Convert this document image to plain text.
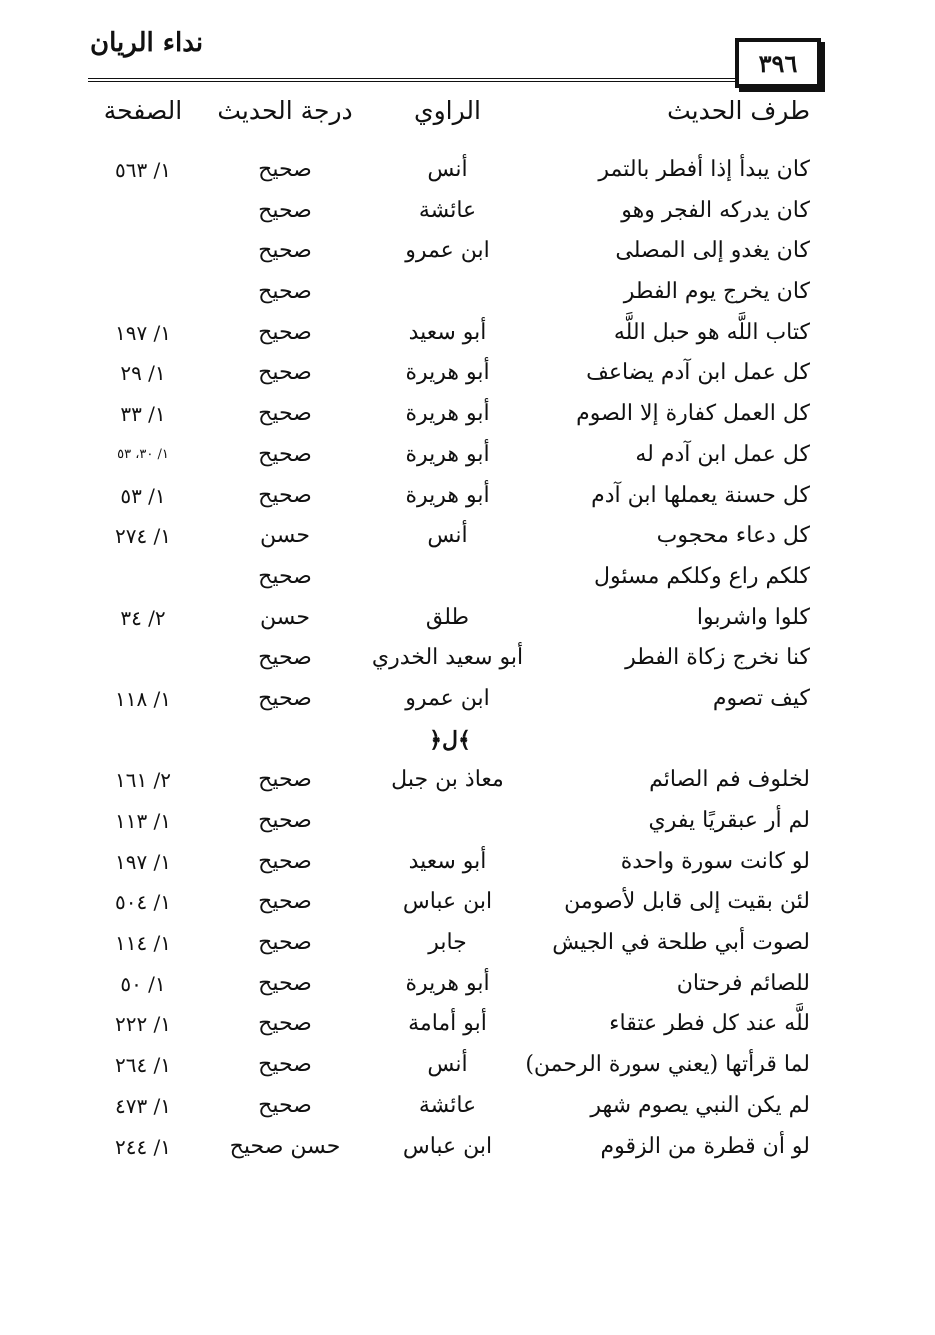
٣٩٦
نداء الريان
طرف الحديث
الراوي
درجة الحديث
الصفحة
كان يبدأ إذا أفطر بالتمر
أنس
صحيح
١/ ٥٦٣
كان يدركه الفجر وهو
عائشة
صحيح
كان يغدو إلى المصلى
ابن عمرو
صحيح
كان يخرج يوم الفطر
صحيح
كتاب اللَّه هو حبل اللَّه
أبو سعيد
صحيح
١/ ١٩٧
كل عمل ابن آدم يضاعف
أبو هريرة
صحيح
١/ ٢٩
كل العمل كفارة إلا الصوم
أبو هريرة
صحيح
١/ ٣٣
كل عمل ابن آدم له
أبو هريرة
صحيح
١/ ٣٠، ٥٣
كل حسنة يعملها ابن آدم
أبو هريرة
صحيح
١/ ٥٣
كل دعاء محجوب
أنس
حسن
١/ ٢٧٤
كلكم راع وكلكم مسئول
صحيح
كلوا واشربوا
طلق
حسن
٢/ ٣٤
كنا نخرج زكاة الفطر
أبو سعيد الخدري
صحيح
كيف تصوم
ابن عمرو
صحيح
١/ ١١٨
﴿ل﴾
لخلوف فم الصائم
معاذ بن جبل
صحيح
٢/ ١٦١
لم أر عبقريًا يفري
صحيح
١/ ١١٣
لو كانت سورة واحدة
أبو سعيد
صحيح
١/ ١٩٧
لئن بقيت إلى قابل لأصومن
ابن عباس
صحيح
١/ ٥٠٤
لصوت أبي طلحة في الجيش
جابر
صحيح
١/ ١١٤
للصائم فرحتان
أبو هريرة
صحيح
١/ ٥٠
للَّه عند كل فطر عتقاء
أبو أمامة
صحيح
١/ ٢٢٢
لما قرأتها (يعني سورة الرحمن)
أنس
صحيح
١/ ٢٦٤
لم يكن النبي يصوم شهر
عائشة
صحيح
١/ ٤٧٣
لو أن قطرة من الزقوم
ابن عباس
حسن صحيح
١/ ٢٤٤
